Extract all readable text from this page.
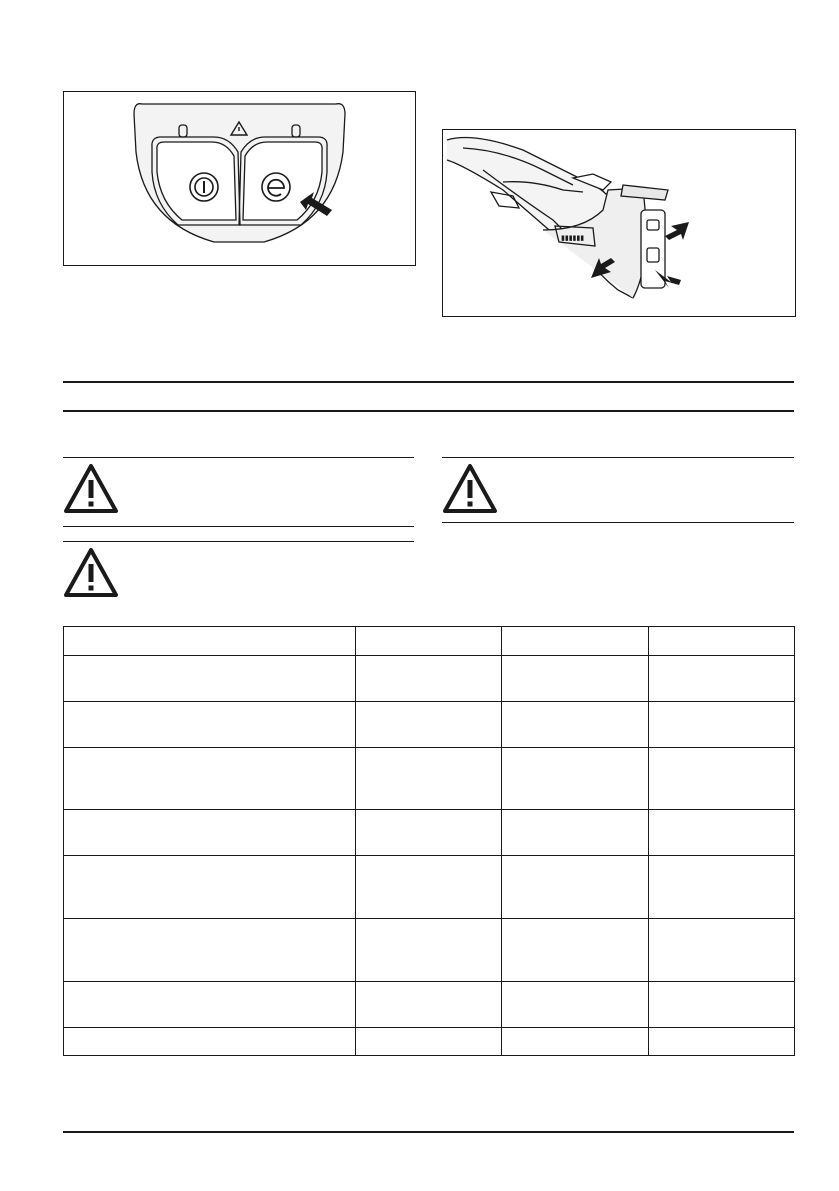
▮▮▮▮▮▮
